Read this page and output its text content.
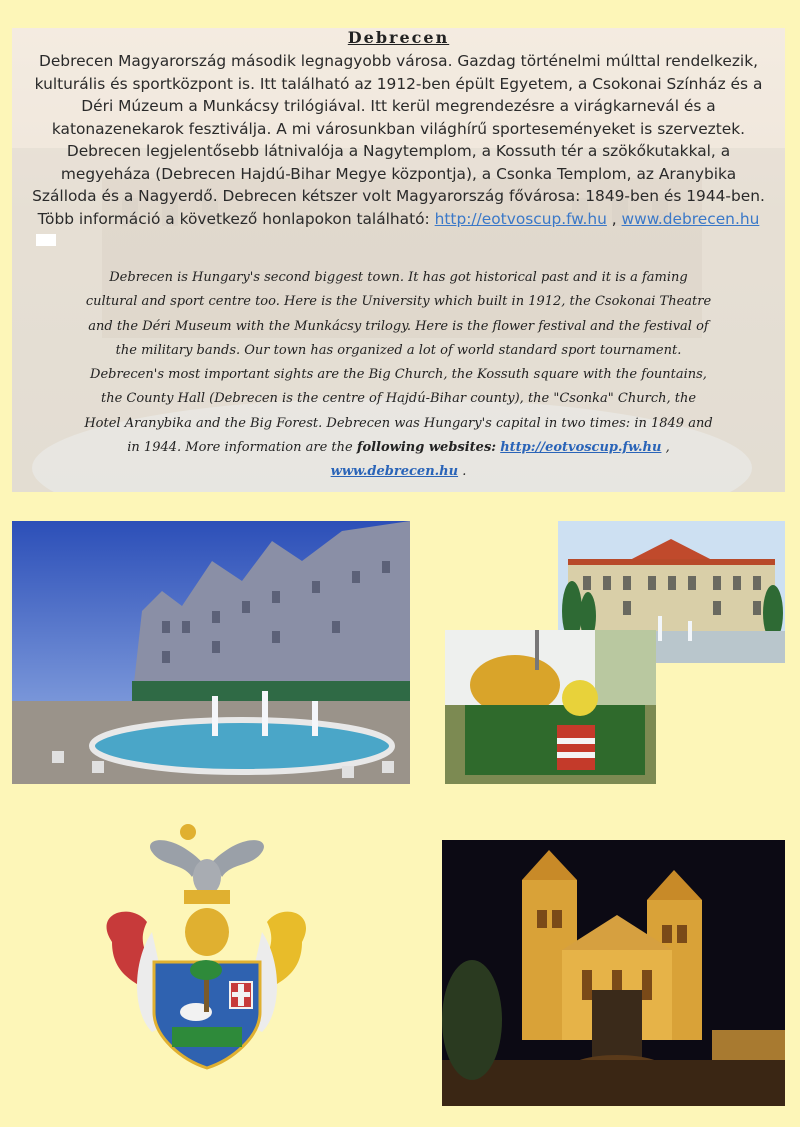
Debrecen
Debrecen Magyarország második legnagyobb városa. Gazdag történelmi múlttal rendelkezik, kulturális és sportközpont is. Itt található az 1912-ben épült Egyetem, a Csokonai Színház és a Déri Múzeum a Munkácsy trilógiával. Itt kerül megrendezésre a virágkarnevál és a katonazenekarok fesztiválja. A mi városunkban világhírű sporteseményeket is szerveztek. Debrecen legjelentősebb látnivalója a Nagytemplom, a Kossuth tér a szökőkutakkal, a megyeháza (Debrecen Hajdú-Bihar Megye központja), a Csonka Templom, az Aranybika Szálloda és a Nagyerdő. Debrecen kétszer volt Magyarország fővárosa: 1849-ben és 1944-ben. Több információ a következő honlapokon található: http://eotvoscup.fw.hu , www.debrecen.hu
Debrecen is Hungary's second biggest town. It has got historical past and it is a faming cultural and sport centre too. Here is the University which built in 1912, the Csokonai Theatre and the Déri Museum with the Munkácsy trilogy. Here is the flower festival and the festival of the military bands. Our town has organized a lot of world standard sport tournament. Debrecen's most important sights are the Big Church, the Kossuth square with the fountains, the County Hall (Debrecen is the centre of Hajdú-Bihar county), the "Csonka" Church, the Hotel Aranybika and the Big Forest. Debrecen was Hungary's capital in two times: in 1849 and in 1944. More information are the following websites: http://eotvoscup.fw.hu , www.debrecen.hu .
